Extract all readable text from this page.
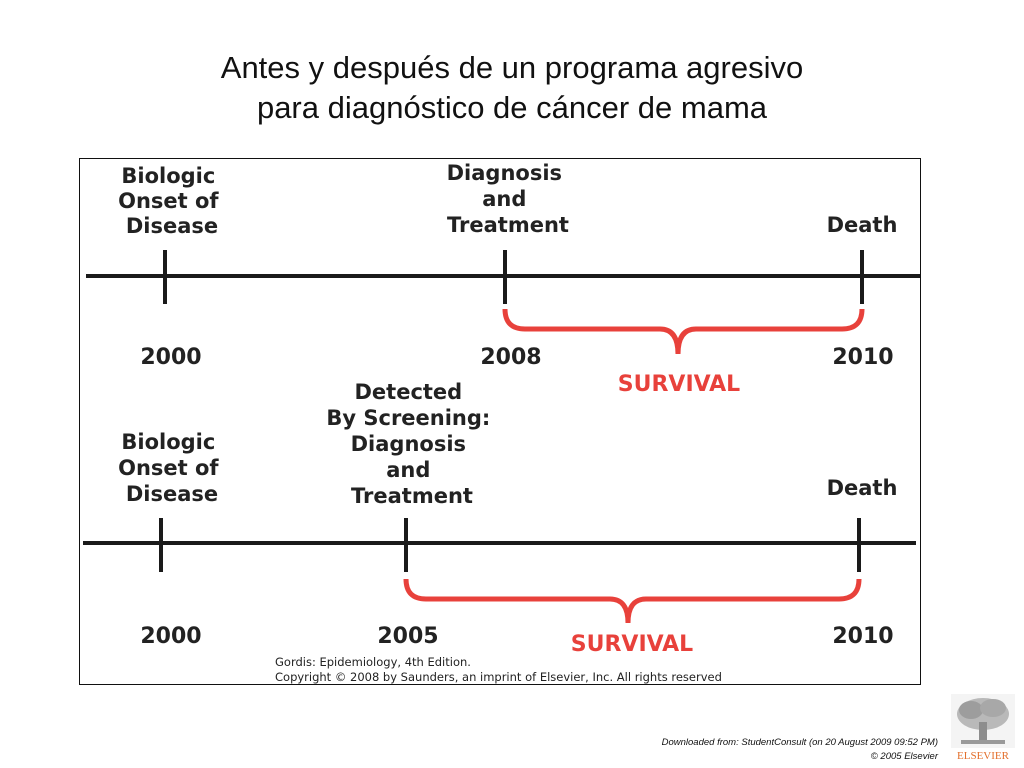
Antes y después de un programa agresivo
para diagnóstico de cáncer de mama
Biologic Onset of Disease
Diagnosis and Treatment	Death
2000	2008	2010
SURVIVAL
Biologic Onset of Disease
Detected By Screening: Diagnosis and Treatment	Death
2000	2005	2010
SURVIVAL
Gordis: Epidemiology, 4th Edition.
Copyright © 2008 by Saunders, an imprint of Elsevier, Inc. All rights reserved
Downloaded from: StudentConsult (on 20 August 2009 09:52 PM)
© 2005 Elsevier ELSEVIER
